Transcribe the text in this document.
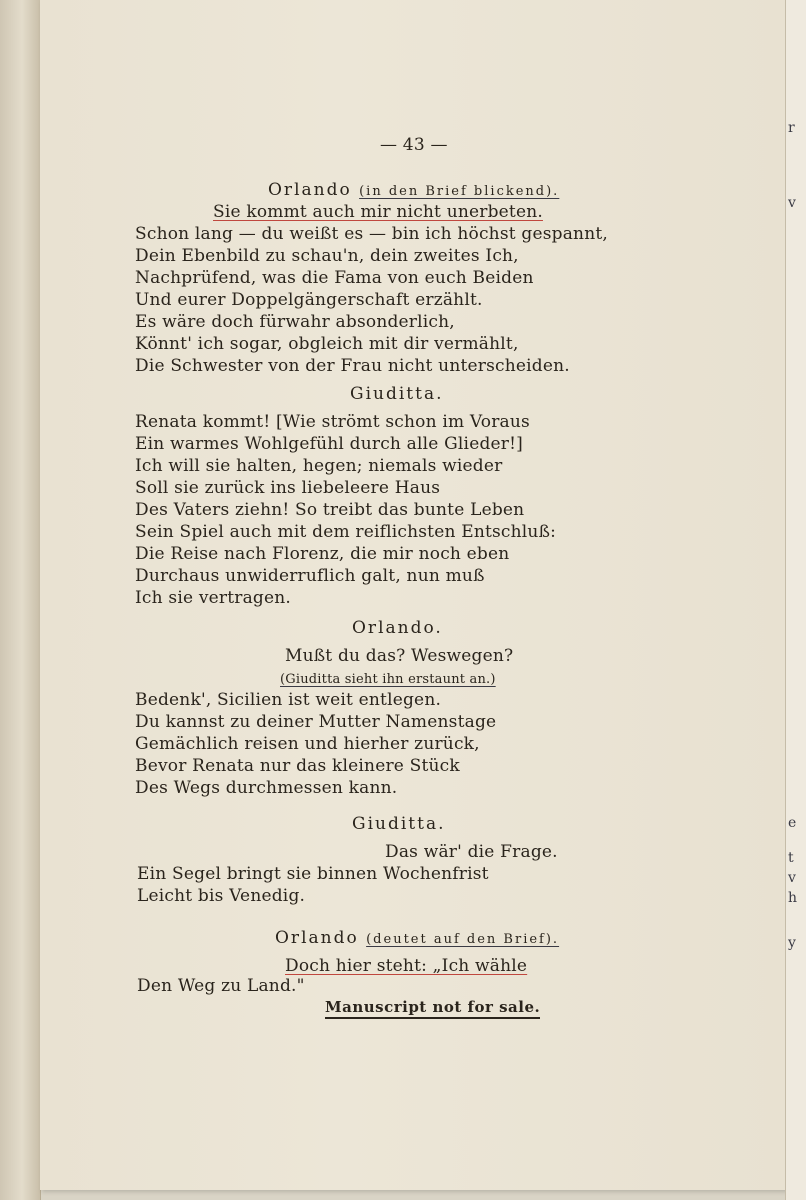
— 43 —
Orlando (in den Brief blickend).
Sie kommt auch mir nicht unerbeten.
Schon lang — du weißt es — bin ich höchst gespannt,
Dein Ebenbild zu schau'n, dein zweites Ich,
Nachprüfend, was die Fama von euch Beiden
Und eurer Doppelgängerschaft erzählt.
Es wäre doch fürwahr absonderlich,
Könnt' ich sogar, obgleich mit dir vermählt,
Die Schwester von der Frau nicht unterscheiden.
Giuditta.
Renata kommt! [Wie strömt schon im Voraus
Ein warmes Wohlgefühl durch alle Glieder!]
Ich will sie halten, hegen; niemals wieder
Soll sie zurück ins liebeleere Haus
Des Vaters ziehn! So treibt das bunte Leben
Sein Spiel auch mit dem reiflichsten Entschluß:
Die Reise nach Florenz, die mir noch eben
Durchaus unwiderruflich galt, nun muß
Ich sie vertragen.
Orlando.
Mußt du das? Weswegen?
(Giuditta sieht ihn erstaunt an.)
Bedenk', Sicilien ist weit entlegen.
Du kannst zu deiner Mutter Namenstage
Gemächlich reisen und hierher zurück,
Bevor Renata nur das kleinere Stück
Des Wegs durchmessen kann.
Giuditta.
Das wär' die Frage.
Ein Segel bringt sie binnen Wochenfrist
Leicht bis Venedig.
Orlando (deutet auf den Brief).
Doch hier steht: „Ich wähle
Den Weg zu Land."
Manuscript not for sale.
r
v
e
t
v
h
y
